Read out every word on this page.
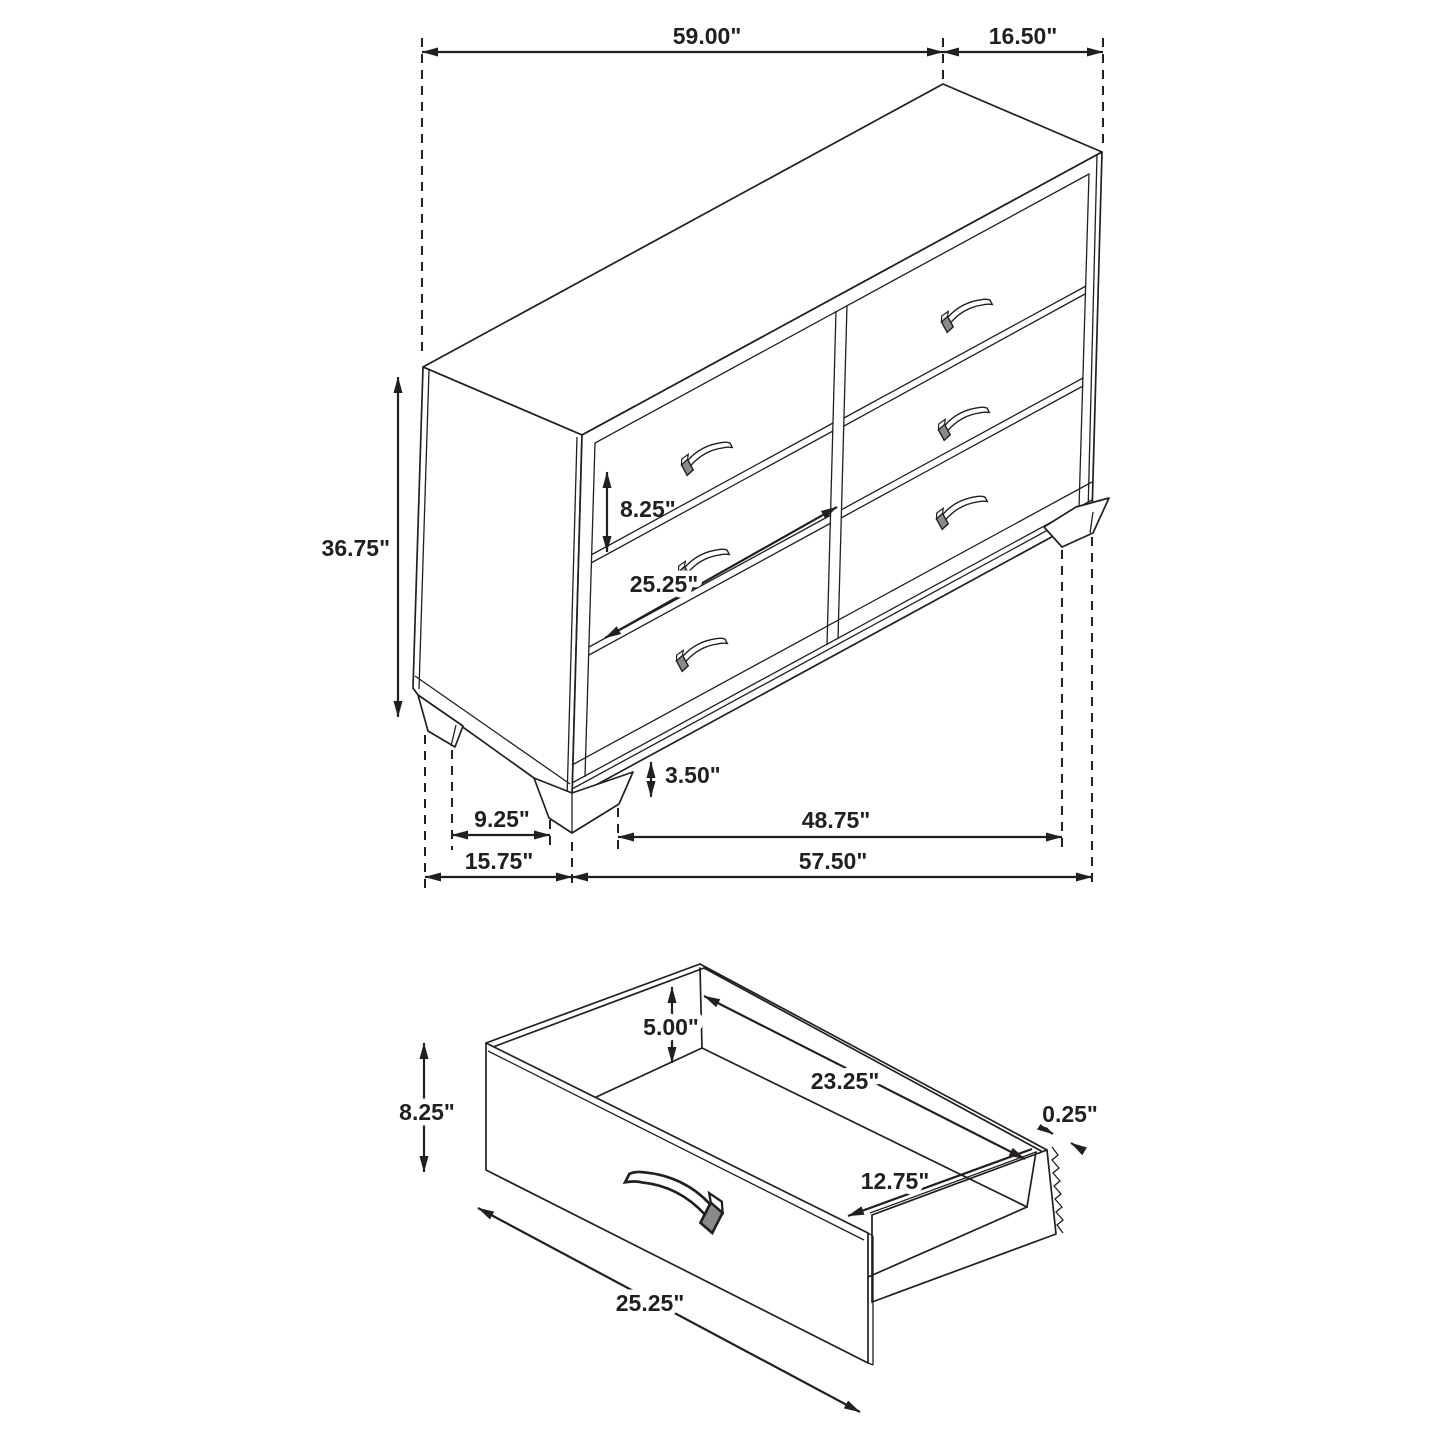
59.00"	16.50"
36.75"
8.25"
25.25"
3.50"
9.25"	48.75"
15.75"	57.50"
8.25"
5.00"
23.25"
12.75"
0.25"
25.25"
